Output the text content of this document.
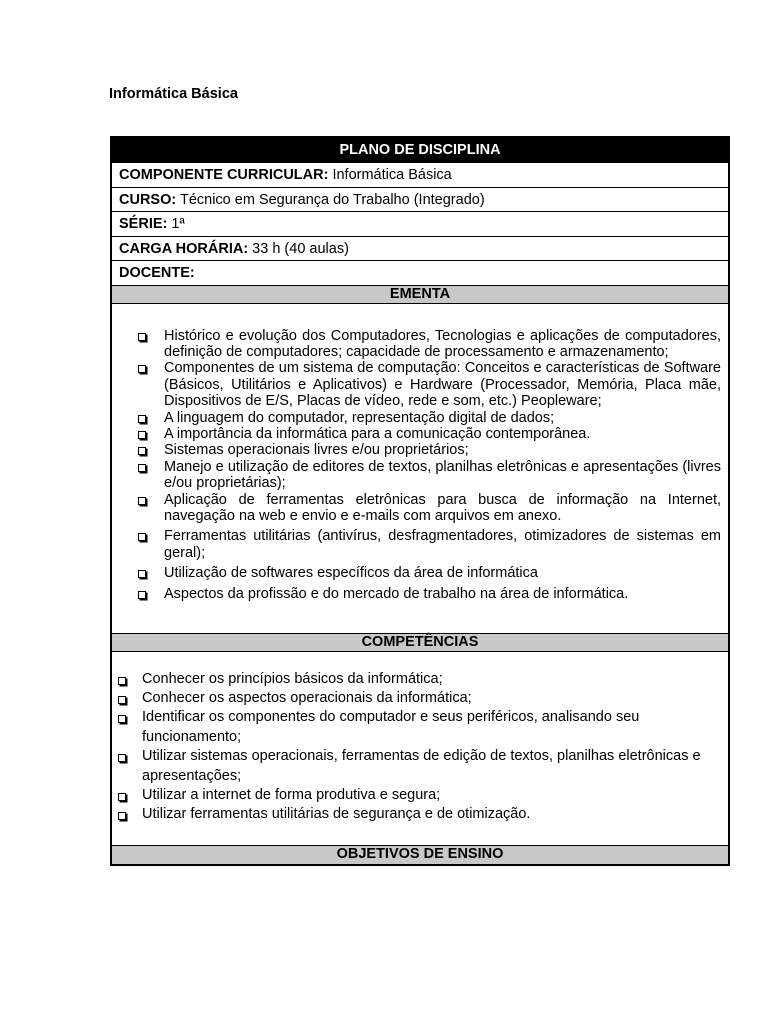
Informática Básica
PLANO DE DISCIPLINA
COMPONENTE CURRICULAR: Informática Básica
CURSO: Técnico em Segurança do Trabalho (Integrado)
SÉRIE: 1ª
CARGA HORÁRIA: 33 h (40 aulas)
DOCENTE:
EMENTA
Histórico e evolução dos Computadores, Tecnologias e aplicações de computadores, definição de computadores; capacidade de processamento e armazenamento;
Componentes de um sistema de computação: Conceitos e características de Software (Básicos, Utilitários e Aplicativos) e Hardware (Processador, Memória, Placa mãe, Dispositivos de E/S, Placas de vídeo, rede e som, etc.) Peopleware;
A linguagem do computador, representação digital de dados;
A importância da informática para a comunicação contemporânea.
Sistemas operacionais livres e/ou proprietários;
Manejo e utilização de editores de textos, planilhas eletrônicas e apresentações (livres e/ou proprietárias);
Aplicação de ferramentas eletrônicas para busca de informação na Internet, navegação na web e envio e e-mails com arquivos em anexo.
Ferramentas utilitárias (antivírus, desfragmentadores, otimizadores de sistemas em geral);
Utilização de softwares específicos da área de informática
Aspectos da profissão e do mercado de trabalho na área de informática.
COMPETÊNCIAS
Conhecer os princípios básicos da informática;
Conhecer os aspectos operacionais da informática;
Identificar os componentes do computador e seus periféricos, analisando seu funcionamento;
Utilizar sistemas operacionais, ferramentas de edição de textos, planilhas eletrônicas e apresentações;
Utilizar a internet de forma produtiva e segura;
Utilizar ferramentas utilitárias de segurança e de otimização.
OBJETIVOS DE ENSINO
